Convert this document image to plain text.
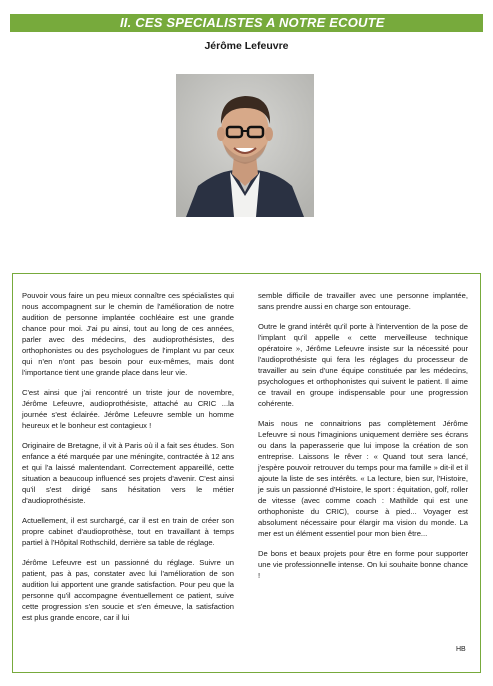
II. CES SPECIALISTES A NOTRE ECOUTE
Jérôme Lefeuvre

Pouvoir vous faire un peu mieux connaître ces spécialistes qui nous accompagnent sur le chemin de l'amélioration de notre audition de personne implantée cochléaire est une grande chance pour moi. J'ai pu ainsi, tout au long de ces années, parler avec des médecins, des audioprothésistes, des orthophonistes ou des psychologues de l'implant vu par ceux qui n'en n'ont pas besoin pour eux-mêmes, mais dont l'importance tient une grande place dans leur vie.

C'est ainsi que j'ai rencontré un triste jour de novembre, Jérôme Lefeuvre, audioprothésiste, attaché au CRIC ...la journée s'est éclairée. Jérôme Lefeuvre semble un homme heureux et le bonheur est contagieux !

Originaire de Bretagne, il vit à Paris où il a fait ses études. Son enfance a été marquée par une méningite, contractée à 12 ans et qui l'a laissé malentendant. Correctement appareillé, cette situation a beaucoup influencé ses projets d'avenir. C'est ainsi qu'il s'est dirigé sans hésitation vers le métier d'audioprothésiste.

Actuellement, il est surchargé, car il est en train de créer son propre cabinet d'audioprothèse, tout en travaillant à temps partiel à l'Hôpital Rothschild, derrière sa table de réglage.

Jérôme Lefeuvre est un passionné du réglage. Suivre un patient, pas à pas, constater avec lui l'amélioration de son audition lui apportent une grande satisfaction. Pour peu que la personne qu'il accompagne éventuellement ce patient, suive cette progression s'en soucie et s'en émeuve, la satisfaction est plus grande encore, car il lui

semble difficile de travailler avec une personne implantée, sans prendre aussi en charge son entourage.

Outre le grand intérêt qu'il porte à l'intervention de la pose de l'implant qu'il appelle « cette merveilleuse technique opératoire », Jérôme Lefeuvre insiste sur la nécessité pour l'audioprothésiste qui fera les réglages du processeur de travailler au sein d'une équipe constituée par les médecins, psychologues et orthophonistes qui suivent le patient. Il aime ce travail en groupe indispensable pour une progression cohérente.

Mais nous ne connaitrions pas complètement Jérôme Lefeuvre si nous l'imaginions uniquement derrière ses écrans ou dans la paperasserie que lui impose la création de son entreprise. Laissons le rêver : « Quand tout sera lancé, j'espère pouvoir retrouver du temps pour ma famille » dit-il et il ajoute la liste de ses intérêts. « La lecture, bien sur, l'Histoire, je suis un passionné d'Histoire, le sport : équitation, golf, roller de vitesse (avec comme coach : Mathilde qui est une orthophoniste du CRIC), course à pied... Voyager est absolument nécessaire pour élargir ma vision du monde. La mer est un élément essentiel pour mon bien être...

De bons et beaux projets pour être en forme pour supporter une vie professionnelle intense. On lui souhaite bonne chance !

HB
